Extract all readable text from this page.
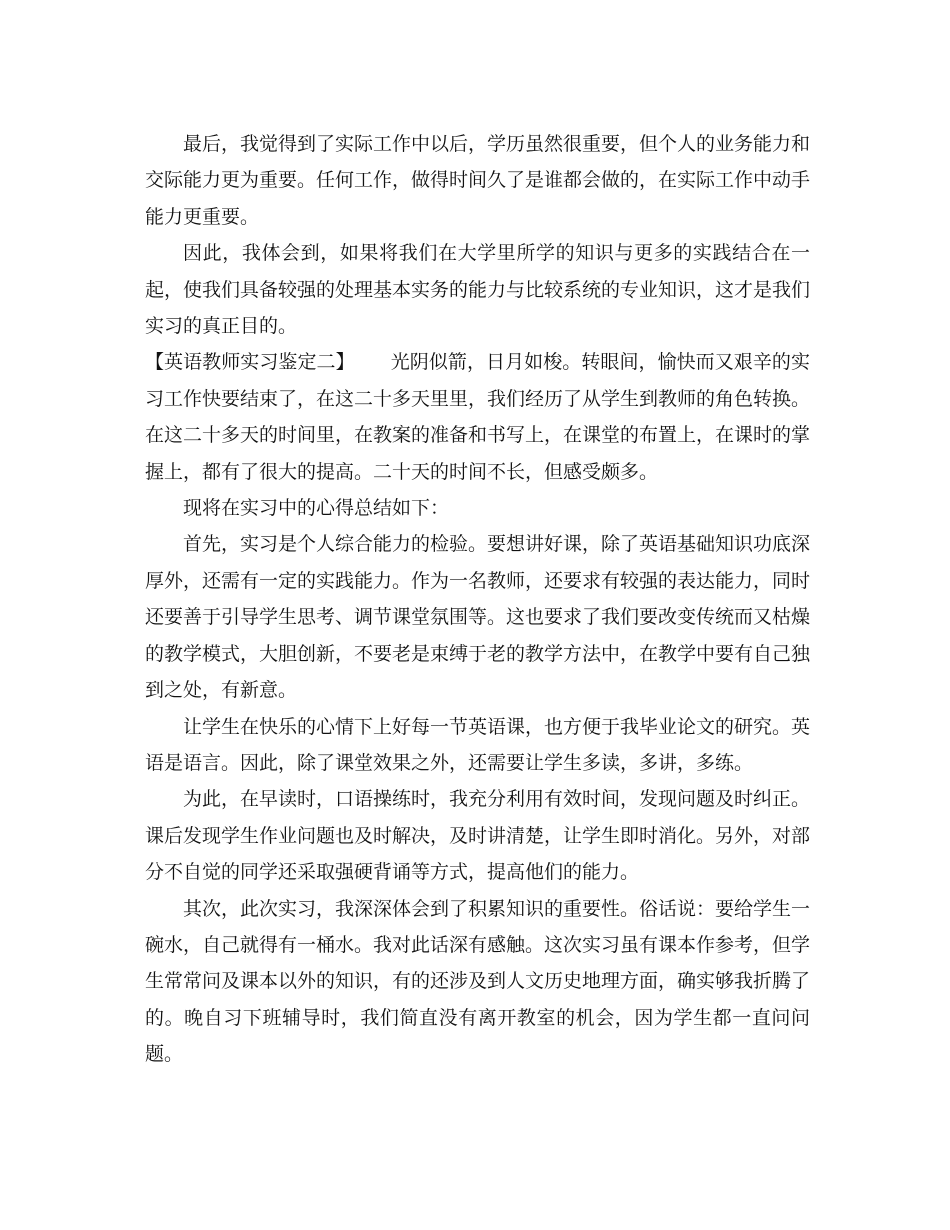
最后，我觉得到了实际工作中以后，学历虽然很重要，但个人的业务能力和交际能力更为重要。任何工作，做得时间久了是谁都会做的，在实际工作中动手能力更重要。

因此，我体会到，如果将我们在大学里所学的知识与更多的实践结合在一起，使我们具备较强的处理基本实务的能力与比较系统的专业知识，这才是我们实习的真正目的。

【英语教师实习鉴定二】 光阴似箭，日月如梭。转眼间，愉快而又艰辛的实习工作快要结束了，在这二十多天里里，我们经历了从学生到教师的角色转换。在这二十多天的时间里，在教案的准备和书写上，在课堂的布置上，在课时的掌握上，都有了很大的提高。二十天的时间不长，但感受颇多。

现将在实习中的心得总结如下：

首先，实习是个人综合能力的检验。要想讲好课，除了英语基础知识功底深厚外，还需有一定的实践能力。作为一名教师，还要求有较强的表达能力，同时还要善于引导学生思考、调节课堂氛围等。这也要求了我们要改变传统而又枯燥的教学模式，大胆创新，不要老是束缚于老的教学方法中，在教学中要有自己独到之处，有新意。

让学生在快乐的心情下上好每一节英语课，也方便于我毕业论文的研究。英语是语言。因此，除了课堂效果之外，还需要让学生多读，多讲，多练。

为此，在早读时，口语操练时，我充分利用有效时间，发现问题及时纠正。课后发现学生作业问题也及时解决，及时讲清楚，让学生即时消化。另外，对部分不自觉的同学还采取强硬背诵等方式，提高他们的能力。

其次，此次实习，我深深体会到了积累知识的重要性。俗话说：要给学生一碗水，自己就得有一桶水。我对此话深有感触。这次实习虽有课本作参考，但学生常常问及课本以外的知识，有的还涉及到人文历史地理方面，确实够我折腾了的。晚自习下班辅导时，我们简直没有离开教室的机会，因为学生都一直问问题。
